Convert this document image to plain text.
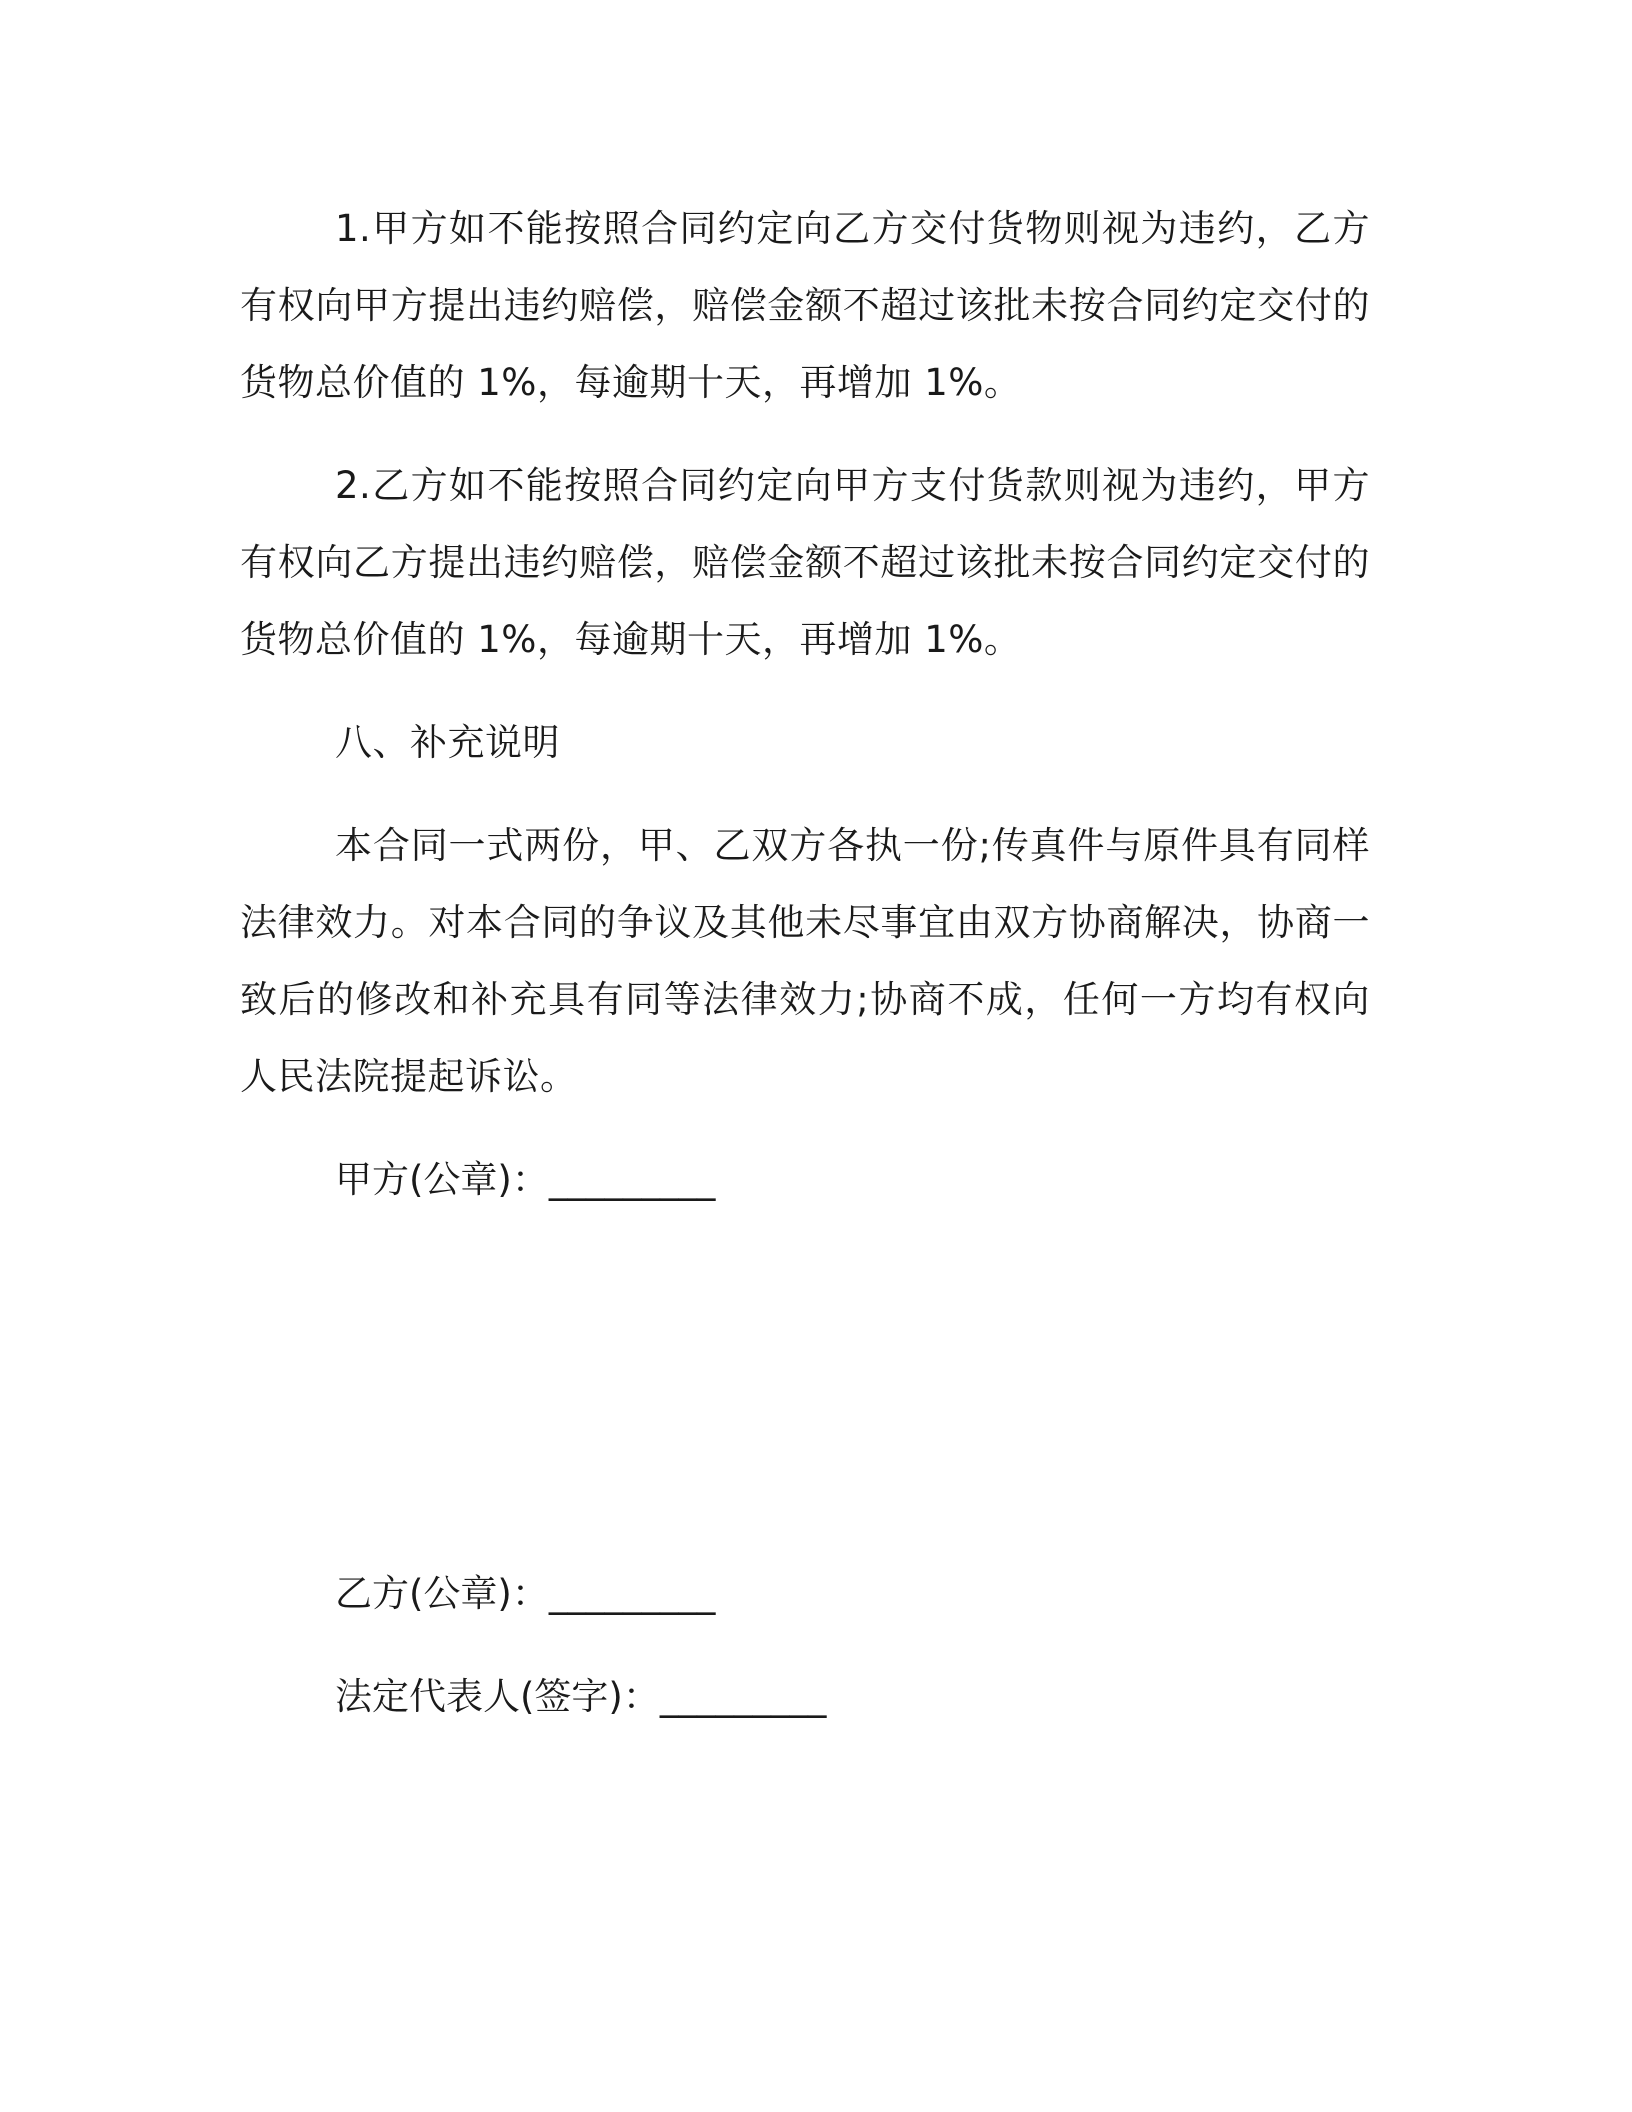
1.甲方如不能按照合同约定向乙方交付货物则视为违约，乙方有权向甲方提出违约赔偿，赔偿金额不超过该批未按合同约定交付的货物总价值的 1%，每逾期十天，再增加 1%。

2.乙方如不能按照合同约定向甲方支付货款则视为违约，甲方有权向乙方提出违约赔偿，赔偿金额不超过该批未按合同约定交付的货物总价值的 1%，每逾期十天，再增加 1%。

八、补充说明

本合同一式两份，甲、乙双方各执一份;传真件与原件具有同样法律效力。对本合同的争议及其他未尽事宜由双方协商解决，协商一致后的修改和补充具有同等法律效力;协商不成，任何一方均有权向人民法院提起诉讼。

甲方(公章)：_________

乙方(公章)：_________

法定代表人(签字)：_________
